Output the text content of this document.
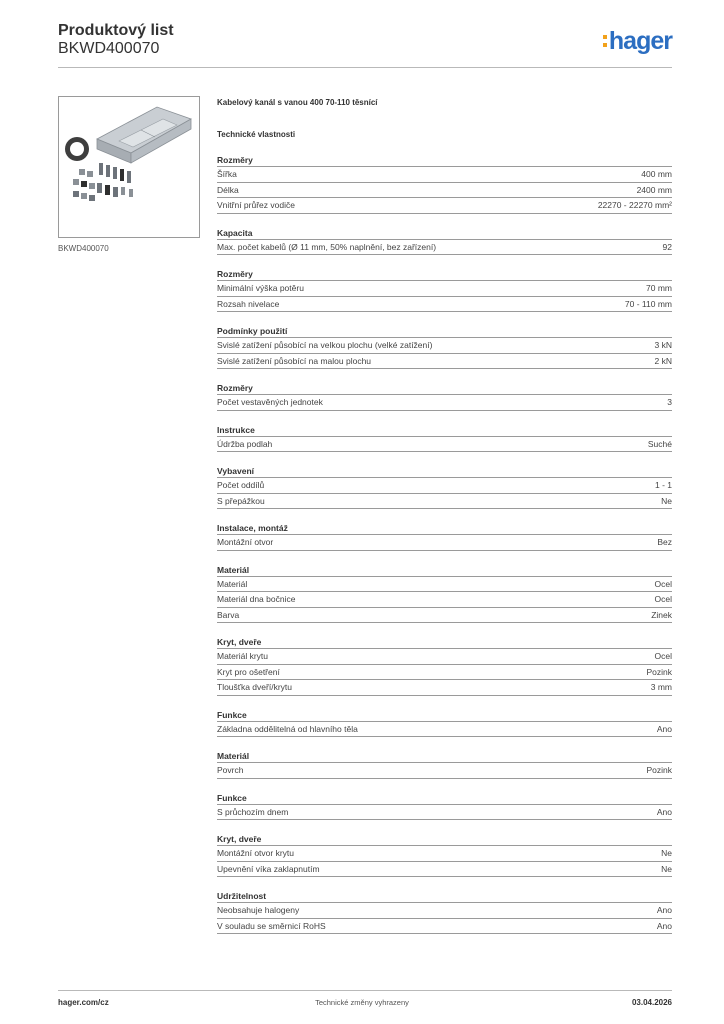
Produktový list
BKWD400070	hager
BKWD400070
Kabelový kanál s vanou 400 70-110 těsnící
Technické vlastnosti
Rozměry
Šířka	400 mm
Délka	2400 mm
Vnitřní průřez vodiče	22270 - 22270 mm²
Kapacita
Max. počet kabelů (Ø 11 mm, 50% naplnění, bez zařízení)	92
Rozměry
Minimální výška potěru	70 mm
Rozsah nivelace	70 - 110 mm
Podmínky použití
Svislé zatížení působící na velkou plochu (velké zatížení)	3 kN
Svislé zatížení působící na malou plochu	2 kN
Rozměry
Počet vestavěných jednotek	3
Instrukce
Údržba podlah	Suché
Vybavení
Počet oddílů	1 - 1
S přepážkou	Ne
Instalace, montáž
Montážní otvor	Bez
Materiál
Materiál	Ocel
Materiál dna bočnice	Ocel
Barva	Zinek
Kryt, dveře
Materiál krytu	Ocel
Kryt pro ošetření	Pozink
Tloušťka dveří/krytu	3 mm
Funkce
Základna oddělitelná od hlavního těla	Ano
Materiál
Povrch	Pozink
Funkce
S průchozím dnem	Ano
Kryt, dveře
Montážní otvor krytu	Ne
Upevnění víka zaklapnutím	Ne
Udržitelnost
Neobsahuje halogeny	Ano
V souladu se směrnicí RoHS	Ano
hager.com/cz	Technické změny vyhrazeny	03.04.2026
